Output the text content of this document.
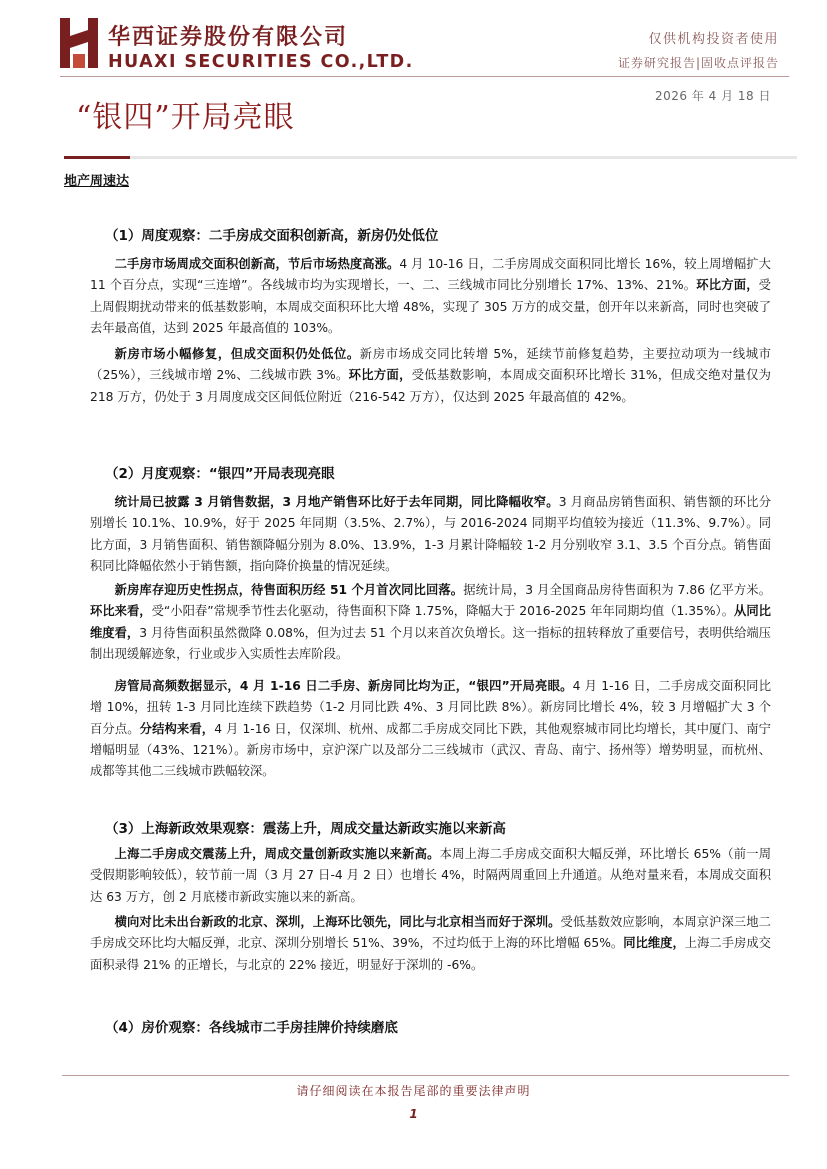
华西证券股份有限公司
HUAXI SECURITIES CO.,LTD.
仅供机构投资者使用
证券研究报告|固收点评报告
2026 年 4 月 18 日
“银四”开局亮眼
地产周速达
（1）周度观察：二手房成交面积创新高，新房仍处低位

二手房市场周成交面积创新高，节后市场热度高涨。4 月 10-16 日，二手房周成交面积同比增长 16%，较上周增幅扩大 11 个百分点，实现“三连增”。各线城市均为实现增长，一、二、三线城市同比分别增长 17%、13%、21%。环比方面，受上周假期扰动带来的低基数影响，本周成交面积环比大增 48%，实现了 305 万方的成交量，创开年以来新高，同时也突破了去年最高值，达到 2025 年最高值的 103%。

新房市场小幅修复，但成交面积仍处低位。新房市场成交同比转增 5%，延续节前修复趋势，主要拉动项为一线城市（25%），三线城市增 2%、二线城市跌 3%。环比方面，受低基数影响，本周成交面积环比增长 31%，但成交绝对量仅为 218 万方，仍处于 3 月周度成交区间低位附近（216-542 万方），仅达到 2025 年最高值的 42%。

（2）月度观察：“银四”开局表现亮眼

统计局已披露 3 月销售数据，3 月地产销售环比好于去年同期，同比降幅收窄。3 月商品房销售面积、销售额的环比分别增长 10.1%、10.9%，好于 2025 年同期（3.5%、2.7%），与 2016-2024 同期平均值较为接近（11.3%、9.7%）。同比方面，3 月销售面积、销售额降幅分别为 8.0%、13.9%，1-3 月累计降幅较 1-2 月分别收窄 3.1、3.5 个百分点。销售面积同比降幅依然小于销售额，指向降价换量的情况延续。

新房库存迎历史性拐点，待售面积历经 51 个月首次同比回落。据统计局，3 月全国商品房待售面积为 7.86 亿平方米。环比来看，受“小阳春”常规季节性去化驱动，待售面积下降 1.75%，降幅大于 2016-2025 年年同期均值（1.35%）。从同比维度看，3 月待售面积虽然微降 0.08%，但为过去 51 个月以来首次负增长。这一指标的扭转释放了重要信号，表明供给端压制出现缓解迹象，行业或步入实质性去库阶段。

房管局高频数据显示，4 月 1-16 日二手房、新房同比均为正，“银四”开局亮眼。4 月 1-16 日，二手房成交面积同比增 10%，扭转 1-3 月同比连续下跌趋势（1-2 月同比跌 4%、3 月同比跌 8%）。新房同比增长 4%，较 3 月增幅扩大 3 个百分点。分结构来看，4 月 1-16 日，仅深圳、杭州、成都二手房成交同比下跌，其他观察城市同比均增长，其中厦门、南宁增幅明显（43%、121%）。新房市场中，京沪深广以及部分二三线城市（武汉、青岛、南宁、扬州等）增势明显，而杭州、成都等其他二三线城市跌幅较深。

（3）上海新政效果观察：震荡上升，周成交量达新政实施以来新高

上海二手房成交震荡上升，周成交量创新政实施以来新高。本周上海二手房成交面积大幅反弹，环比增长 65%（前一周受假期影响较低），较节前一周（3 月 27 日-4 月 2 日）也增长 4%，时隔两周重回上升通道。从绝对量来看，本周成交面积达 63 万方，创 2 月底楼市新政实施以来的新高。

横向对比未出台新政的北京、深圳，上海环比领先，同比与北京相当而好于深圳。受低基数效应影响，本周京沪深三地二手房成交环比均大幅反弹，北京、深圳分别增长 51%、39%，不过均低于上海的环比增幅 65%。同比维度，上海二手房成交面积录得 21% 的正增长，与北京的 22% 接近，明显好于深圳的 -6%。

（4）房价观察：各线城市二手房挂牌价持续磨底
请仔细阅读在本报告尾部的重要法律声明
1
